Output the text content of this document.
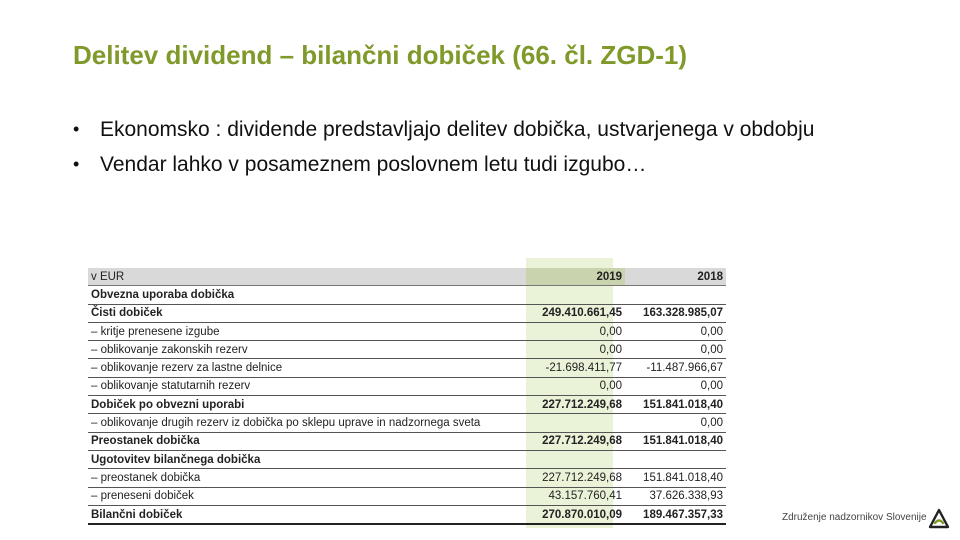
Delitev dividend – bilančni dobiček (66. čl. ZGD-1)
• Ekonomsko : dividende predstavljajo delitev dobička, ustvarjenega v obdobju
• Vendar lahko v posameznem poslovnem letu tudi izgubo…
v EUR	2019	2018
Obvezna uporaba dobička		
Čisti dobiček	249.410.661,45	163.328.985,07
– kritje prenesene izgube	0,00	0,00
– oblikovanje zakonskih rezerv	0,00	0,00
– oblikovanje rezerv za lastne delnice	-21.698.411,77	-11.487.966,67
– oblikovanje statutarnih rezerv	0,00	0,00
Dobiček po obvezni uporabi	227.712.249,68	151.841.018,40
– oblikovanje drugih rezerv iz dobička po sklepu uprave in nadzornega sveta		0,00
Preostanek dobička	227.712.249,68	151.841.018,40
Ugotovitev bilančnega dobička		
– preostanek dobička	227.712.249,68	151.841.018,40
– preneseni dobiček	43.157.760,41	37.626.338,93
Bilančni dobiček	270.870.010,09	189.467.357,33	Združenje nadzornikov Slovenije
